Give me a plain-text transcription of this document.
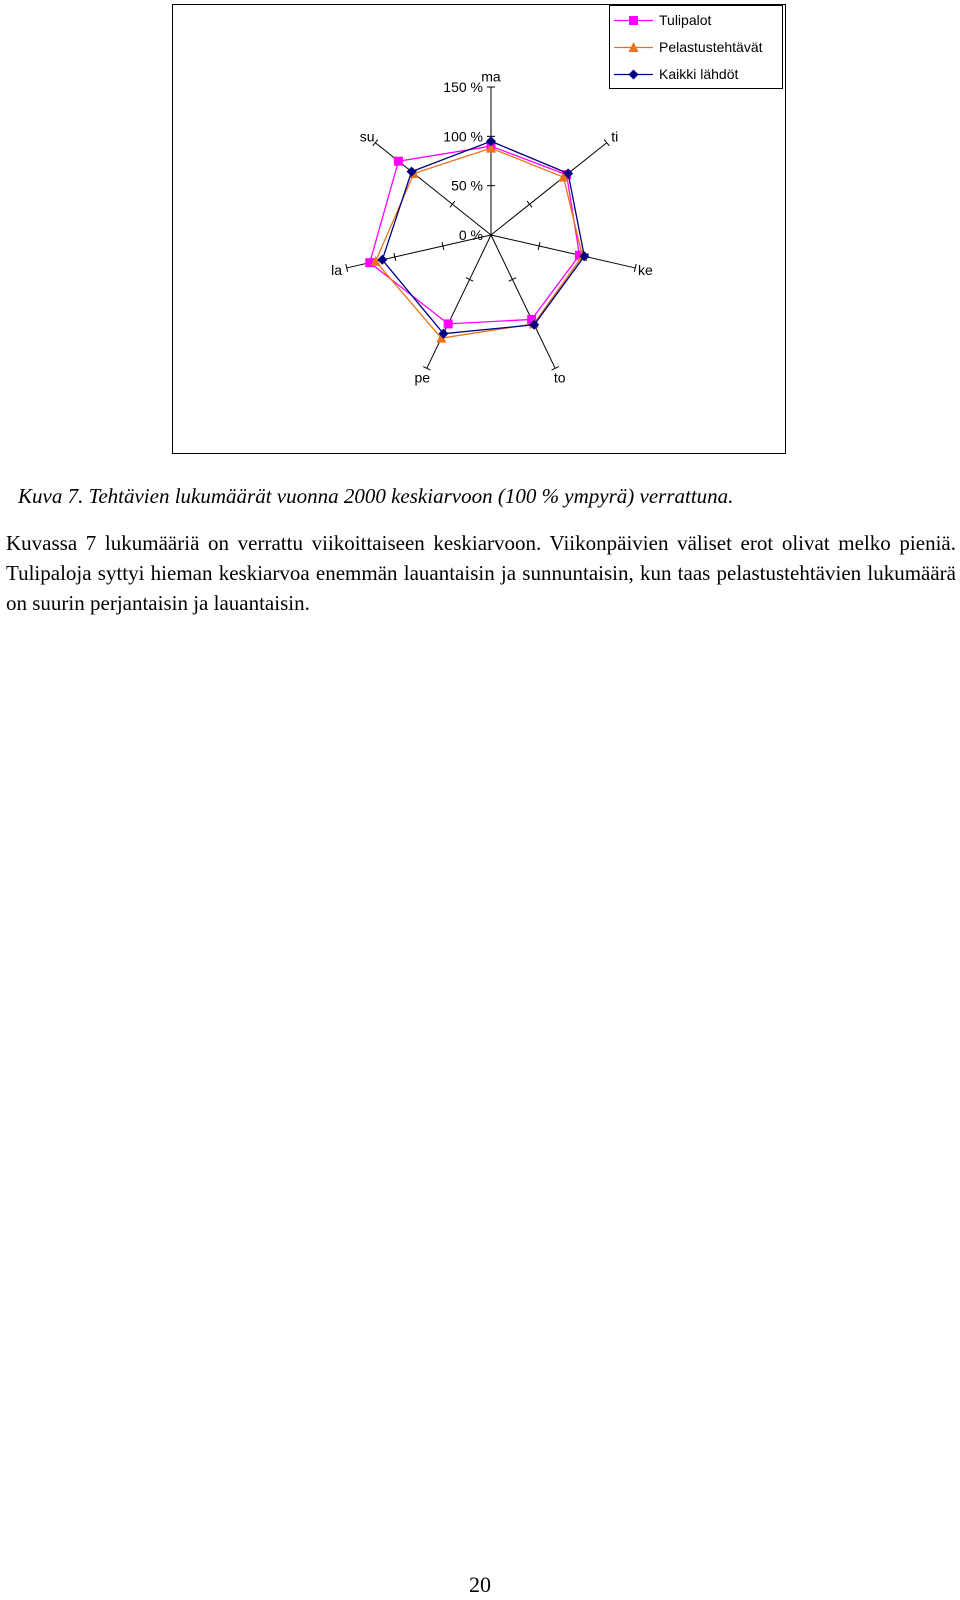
ma
ti
ke
to
pe
la
su
0 %
50 %
100 %
150 %
Tulipalot
Pelastustehtävät
Kaikki lähdöt

Kuva 7. Tehtävien lukumäärät vuonna 2000 keskiarvoon (100 % ympyrä) verrattuna.

Kuvassa 7 lukumääriä on verrattu viikoittaiseen keskiarvoon. Viikonpäivien väliset erot olivat melko pieniä. Tulipaloja syttyi hieman keskiarvoa enemmän lauantaisin ja sunnuntaisin, kun taas pelastustehtävien lukumäärä on suurin perjantaisin ja lauantaisin.

20
